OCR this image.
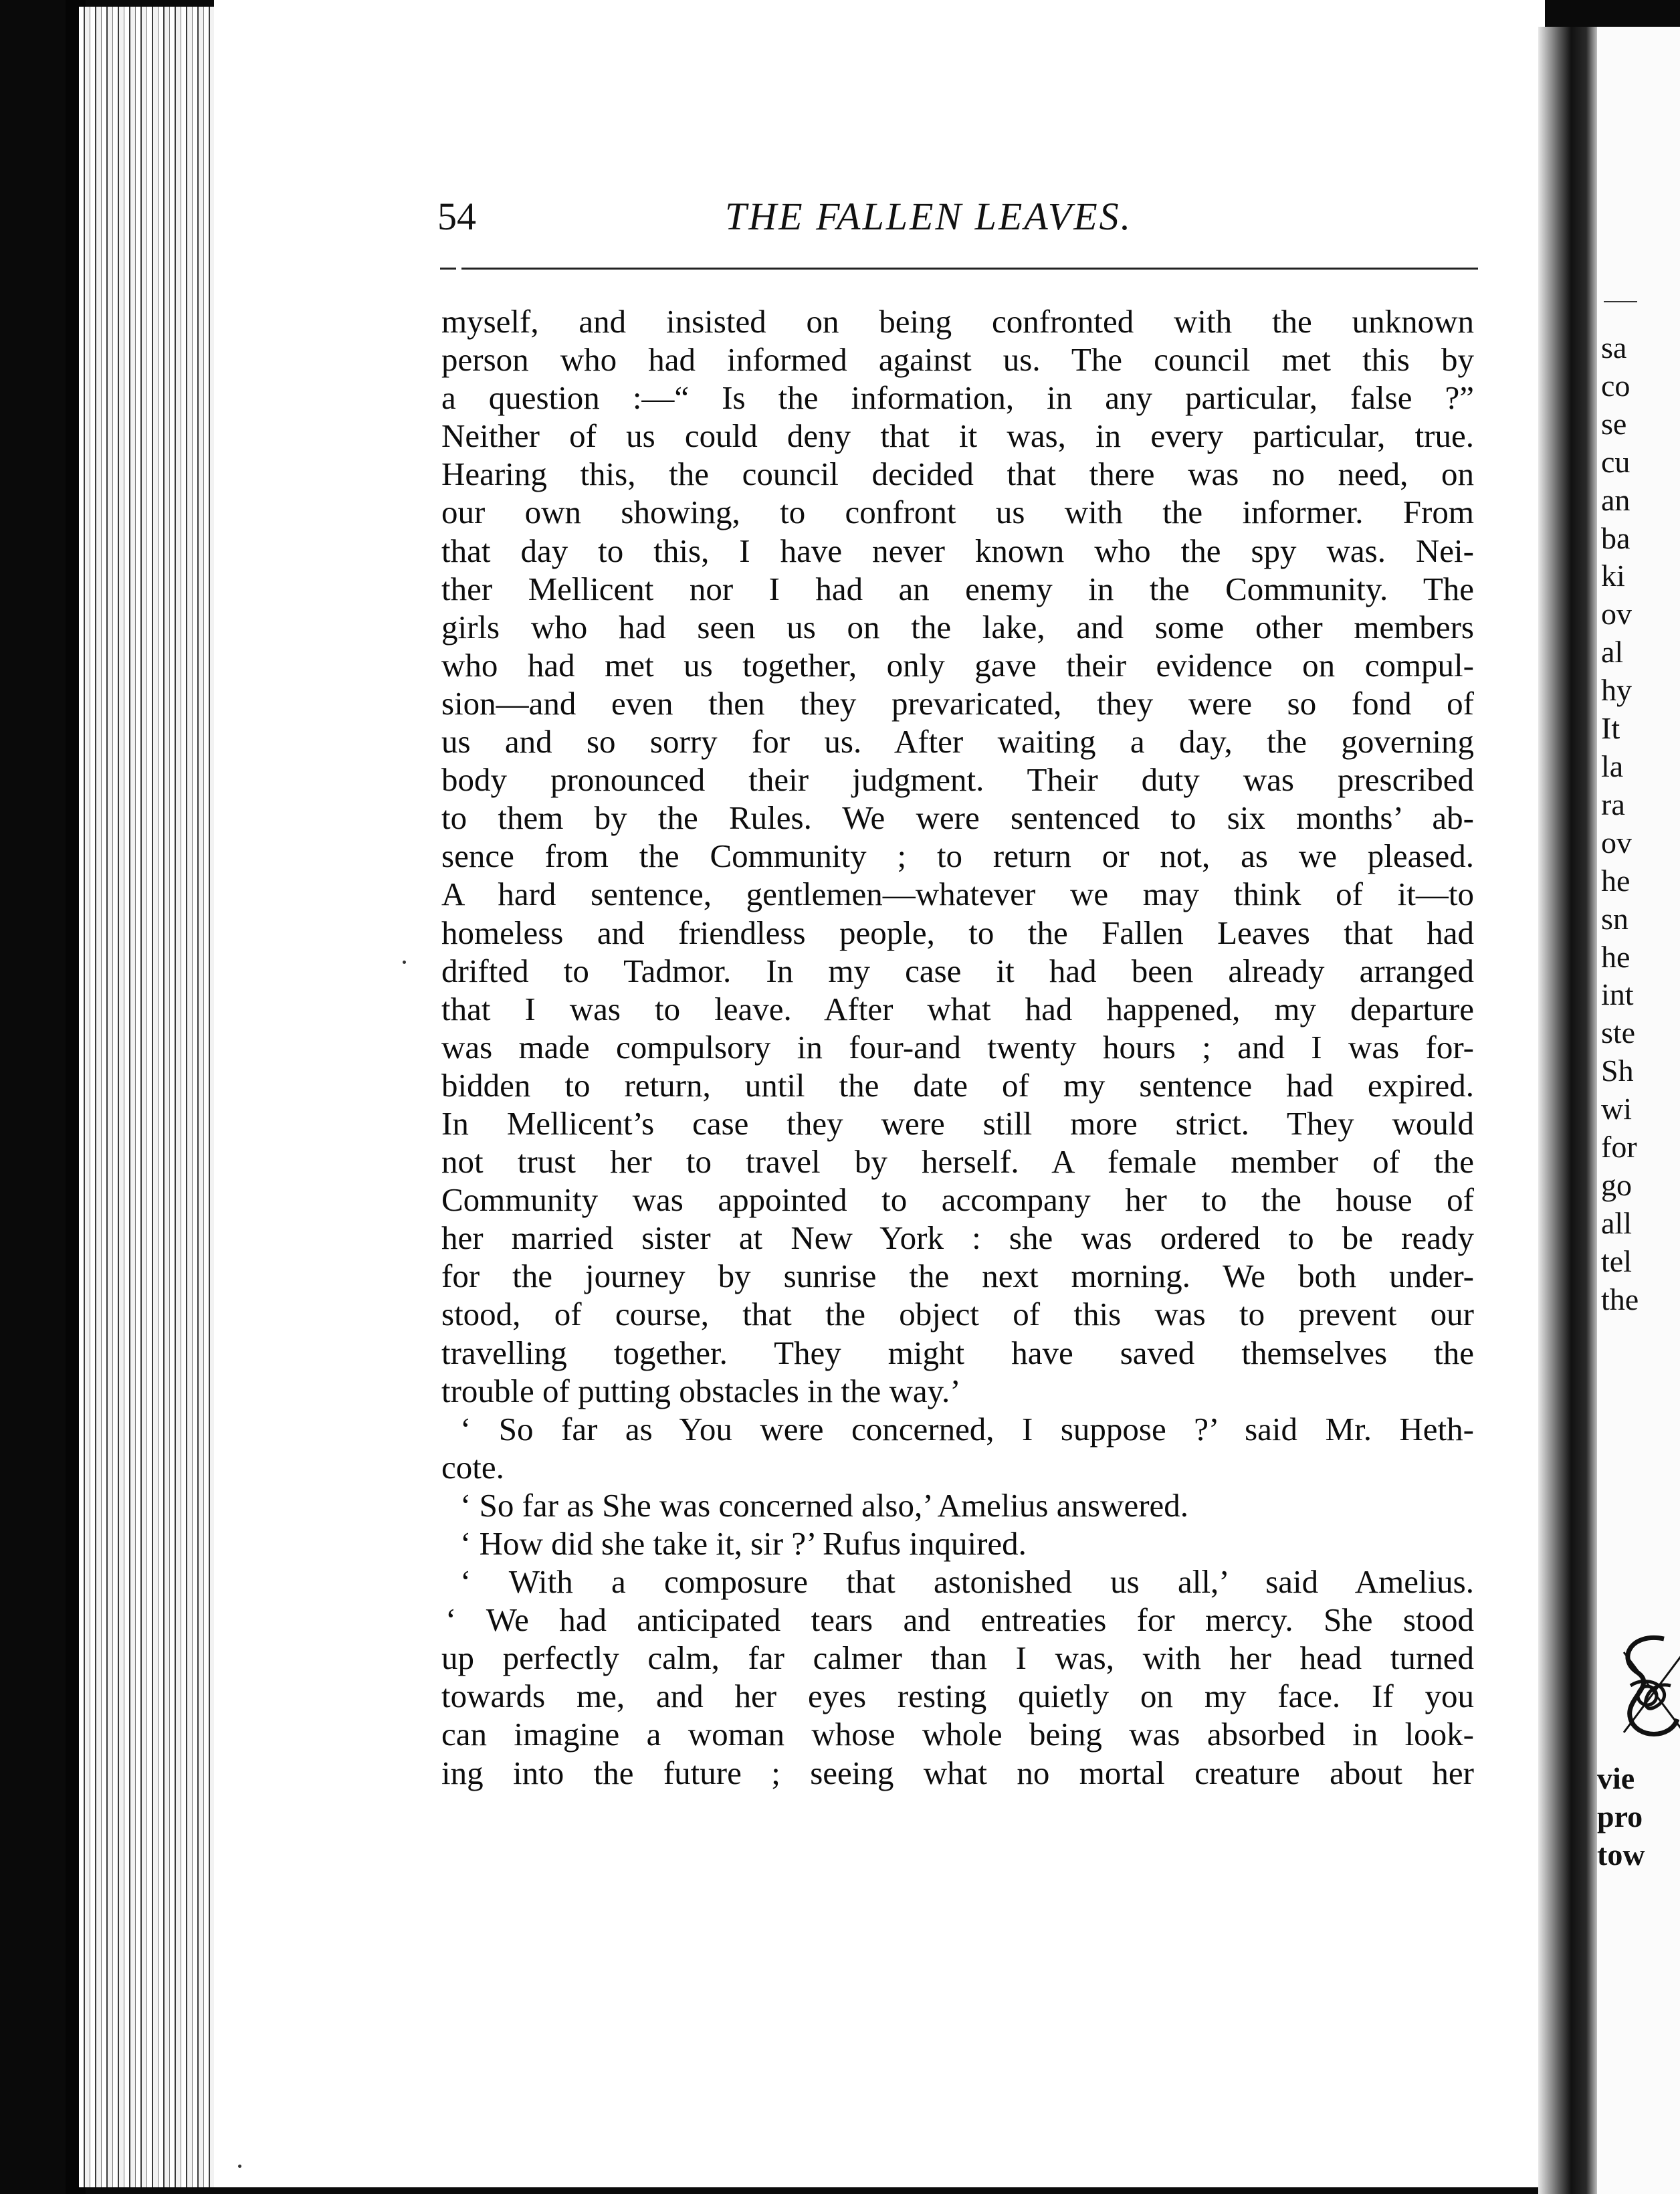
54	THE FALLEN LEAVES.
myself, and insisted on being confronted with the unknown
person who had informed against us. The council met this by
a question :—“ Is the information, in any particular, false ?”
Neither of us could deny that it was, in every particular, true.
Hearing this, the council decided that there was no need, on
our own showing, to confront us with the informer. From
that day to this, I have never known who the spy was. Nei-
ther Mellicent nor I had an enemy in the Community. The
girls who had seen us on the lake, and some other members
who had met us together, only gave their evidence on compul-
sion—and even then they prevaricated, they were so fond of
us and so sorry for us. After waiting a day, the governing
body pronounced their judgment. Their duty was prescribed
to them by the Rules. We were sentenced to six months’ ab-
sence from the Community ; to return or not, as we pleased.
A hard sentence, gentlemen—whatever we may think of it—to
homeless and friendless people, to the Fallen Leaves that had
drifted to Tadmor. In my case it had been already arranged
that I was to leave. After what had happened, my departure
was made compulsory in four-and twenty hours ; and I was for-
bidden to return, until the date of my sentence had expired.
In Mellicent’s case they were still more strict. They would
not trust her to travel by herself. A female member of the
Community was appointed to accompany her to the house of
her married sister at New York : she was ordered to be ready
for the journey by sunrise the next morning. We both under-
stood, of course, that the object of this was to prevent our
travelling together. They might have saved themselves the
trouble of putting obstacles in the way.’
‘ So far as You were concerned, I suppose ?’ said Mr. Heth-
cote.
‘ So far as She was concerned also,’ Amelius answered.
‘ How did she take it, sir ?’ Rufus inquired.
‘ With a composure that astonished us all,’ said Amelius.
‘ We had anticipated tears and entreaties for mercy. She stood
up perfectly calm, far calmer than I was, with her head turned
towards me, and her eyes resting quietly on my face. If you
can imagine a woman whose whole being was absorbed in look-
ing into the future ; seeing what no mortal creature about her
sa
co
se
cu
an
ba
ki
ov
al
hy
It
la
ra
ov
he
sn
he
int
ste
Sh
wi
for
go
all
tel
the
vie
pro
tow
